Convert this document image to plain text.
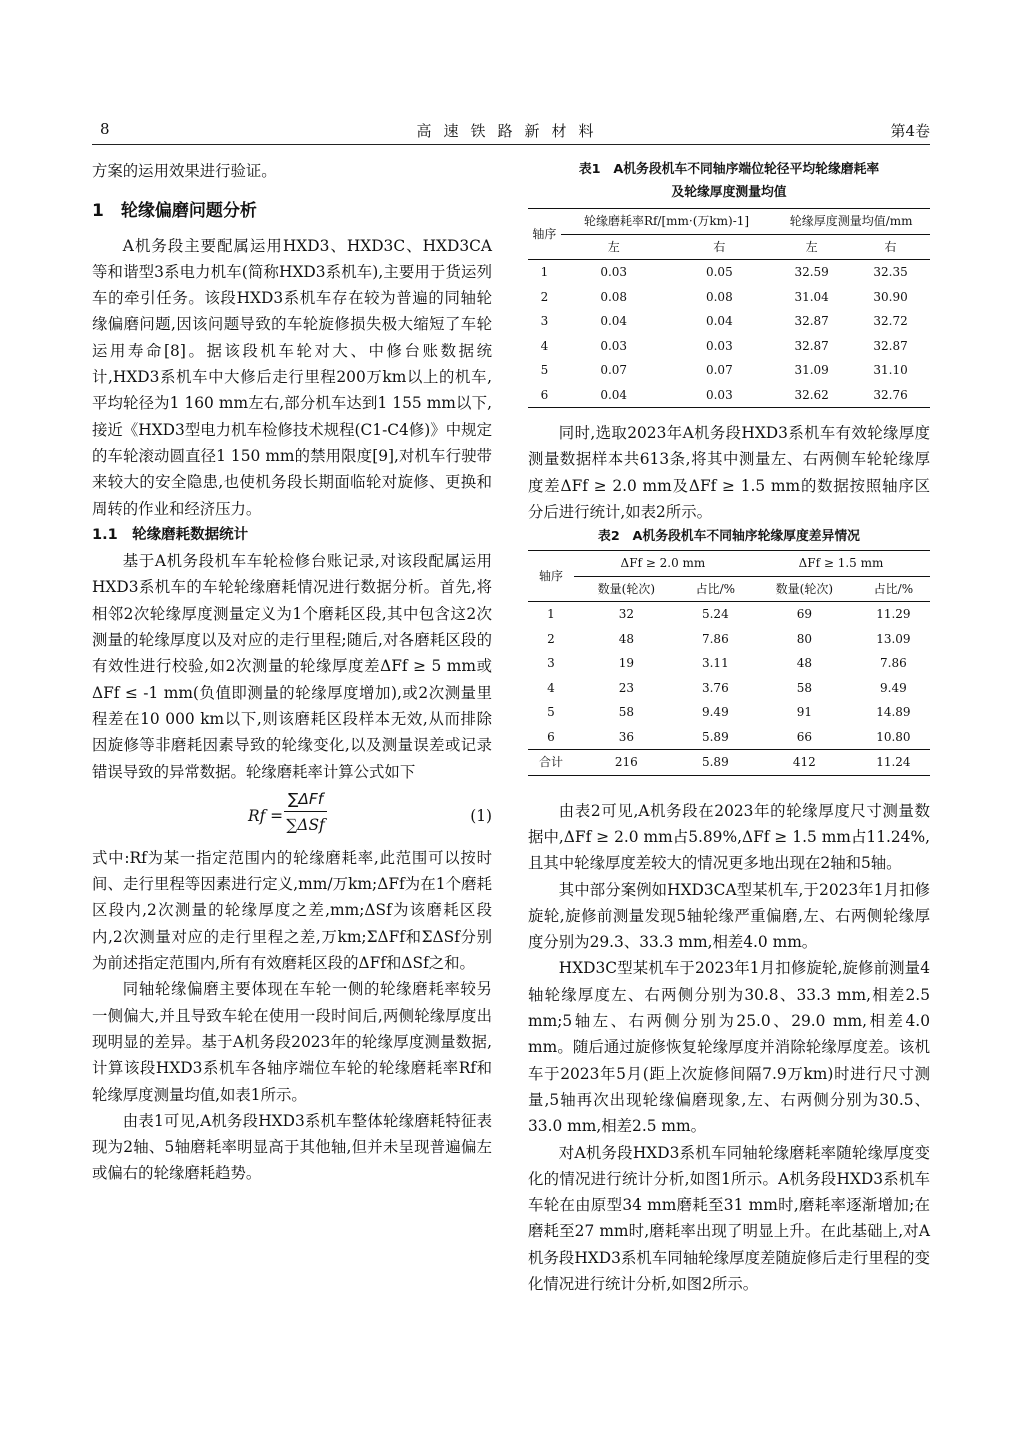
8	高速铁路新材料	第4卷

方案的运用效果进行验证。

1　轮缘偏磨问题分析

A机务段主要配属运用HXD3、HXD3C、HXD3CA等和谐型3系电力机车(简称HXD3系机车),主要用于货运列车的牵引任务。该段HXD3系机车存在较为普遍的同轴轮缘偏磨问题,因该问题导致的车轮旋修损失极大缩短了车轮运用寿命[8]。据该段机车轮对大、中修台账数据统计,HXD3系机车中大修后走行里程200万km以上的机车,平均轮径为1 160 mm左右,部分机车达到1 155 mm以下,接近《HXD3型电力机车检修技术规程(C1-C4修)》中规定的车轮滚动圆直径1 150 mm的禁用限度[9],对机车行驶带来较大的安全隐患,也使机务段长期面临轮对旋修、更换和周转的作业和经济压力。

1.1　轮缘磨耗数据统计

基于A机务段机车车轮检修台账记录,对该段配属运用HXD3系机车的车轮轮缘磨耗情况进行数据分析。首先,将相邻2次轮缘厚度测量定义为1个磨耗区段,其中包含这2次测量的轮缘厚度以及对应的走行里程;随后,对各磨耗区段的有效性进行校验,如2次测量的轮缘厚度差ΔFf ≥ 5 mm或ΔFf ≤ -1 mm(负值即测量的轮缘厚度增加),或2次测量里程差在10 000 km以下,则该磨耗区段样本无效,从而排除因旋修等非磨耗因素导致的轮缘变化,以及测量误差或记录错误导致的异常数据。轮缘磨耗率计算公式如下

Rf =
∑ΔFf
∑ΔSf	(1)

式中:Rf为某一指定范围内的轮缘磨耗率,此范围可以按时间、走行里程等因素进行定义,mm/万km;ΔFf为在1个磨耗区段内,2次测量的轮缘厚度之差,mm;ΔSf为该磨耗区段内,2次测量对应的走行里程之差,万km;ΣΔFf和ΣΔSf分别为前述指定范围内,所有有效磨耗区段的ΔFf和ΔSf之和。

同轴轮缘偏磨主要体现在车轮一侧的轮缘磨耗率较另一侧偏大,并且导致车轮在使用一段时间后,两侧轮缘厚度出现明显的差异。基于A机务段2023年的轮缘厚度测量数据,计算该段HXD3系机车各轴序端位车轮的轮缘磨耗率Rf和轮缘厚度测量均值,如表1所示。

由表1可见,A机务段HXD3系机车整体轮缘磨耗特征表现为2轴、5轴磨耗率明显高于其他轴,但并未呈现普遍偏左或偏右的轮缘磨耗趋势。

表1　A机务段机车不同轴序端位轮径平均轮缘磨耗率
及轮缘厚度测量均值
轴序	轮缘磨耗率Rf/[mm·(万km)-1]		轮缘厚度测量均值/mm	
	左	右	左	右
1	0.03	0.05	32.59	32.35
2	0.08	0.08	31.04	30.90
3	0.04	0.04	32.87	32.72
4	0.03	0.03	32.87	32.87
5	0.07	0.07	31.09	31.10
6	0.04	0.03	32.62	32.76

同时,选取2023年A机务段HXD3系机车有效轮缘厚度测量数据样本共613条,将其中测量左、右两侧车轮轮缘厚度差ΔFf ≥ 2.0 mm及ΔFf ≥ 1.5 mm的数据按照轴序区分后进行统计,如表2所示。

表2　A机务段机车不同轴序轮缘厚度差异情况
轴序	ΔFf ≥ 2.0 mm		ΔFf ≥ 1.5 mm	
	数量(轮次)	占比/%	数量(轮次)	占比/%
1	32	5.24	69	11.29
2	48	7.86	80	13.09
3	19	3.11	48	7.86
4	23	3.76	58	9.49
5	58	9.49	91	14.89
6	36	5.89	66	10.80
合计	216	5.89	412	11.24

由表2可见,A机务段在2023年的轮缘厚度尺寸测量数据中,ΔFf ≥ 2.0 mm占5.89%,ΔFf ≥ 1.5 mm占11.24%,且其中轮缘厚度差较大的情况更多地出现在2轴和5轴。

其中部分案例如HXD3CA型某机车,于2023年1月扣修旋轮,旋修前测量发现5轴轮缘严重偏磨,左、右两侧轮缘厚度分别为29.3、33.3 mm,相差4.0 mm。

HXD3C型某机车于2023年1月扣修旋轮,旋修前测量4轴轮缘厚度左、右两侧分别为30.8、33.3 mm,相差2.5 mm;5轴左、右两侧分别为25.0、29.0 mm,相差4.0 mm。随后通过旋修恢复轮缘厚度并消除轮缘厚度差。该机车于2023年5月(距上次旋修间隔7.9万km)时进行尺寸测量,5轴再次出现轮缘偏磨现象,左、右两侧分别为30.5、33.0 mm,相差2.5 mm。

对A机务段HXD3系机车同轴轮缘磨耗率随轮缘厚度变化的情况进行统计分析,如图1所示。A机务段HXD3系机车车轮在由原型34 mm磨耗至31 mm时,磨耗率逐渐增加;在磨耗至27 mm时,磨耗率出现了明显上升。在此基础上,对A机务段HXD3系机车同轴轮缘厚度差随旋修后走行里程的变化情况进行统计分析,如图2所示。
